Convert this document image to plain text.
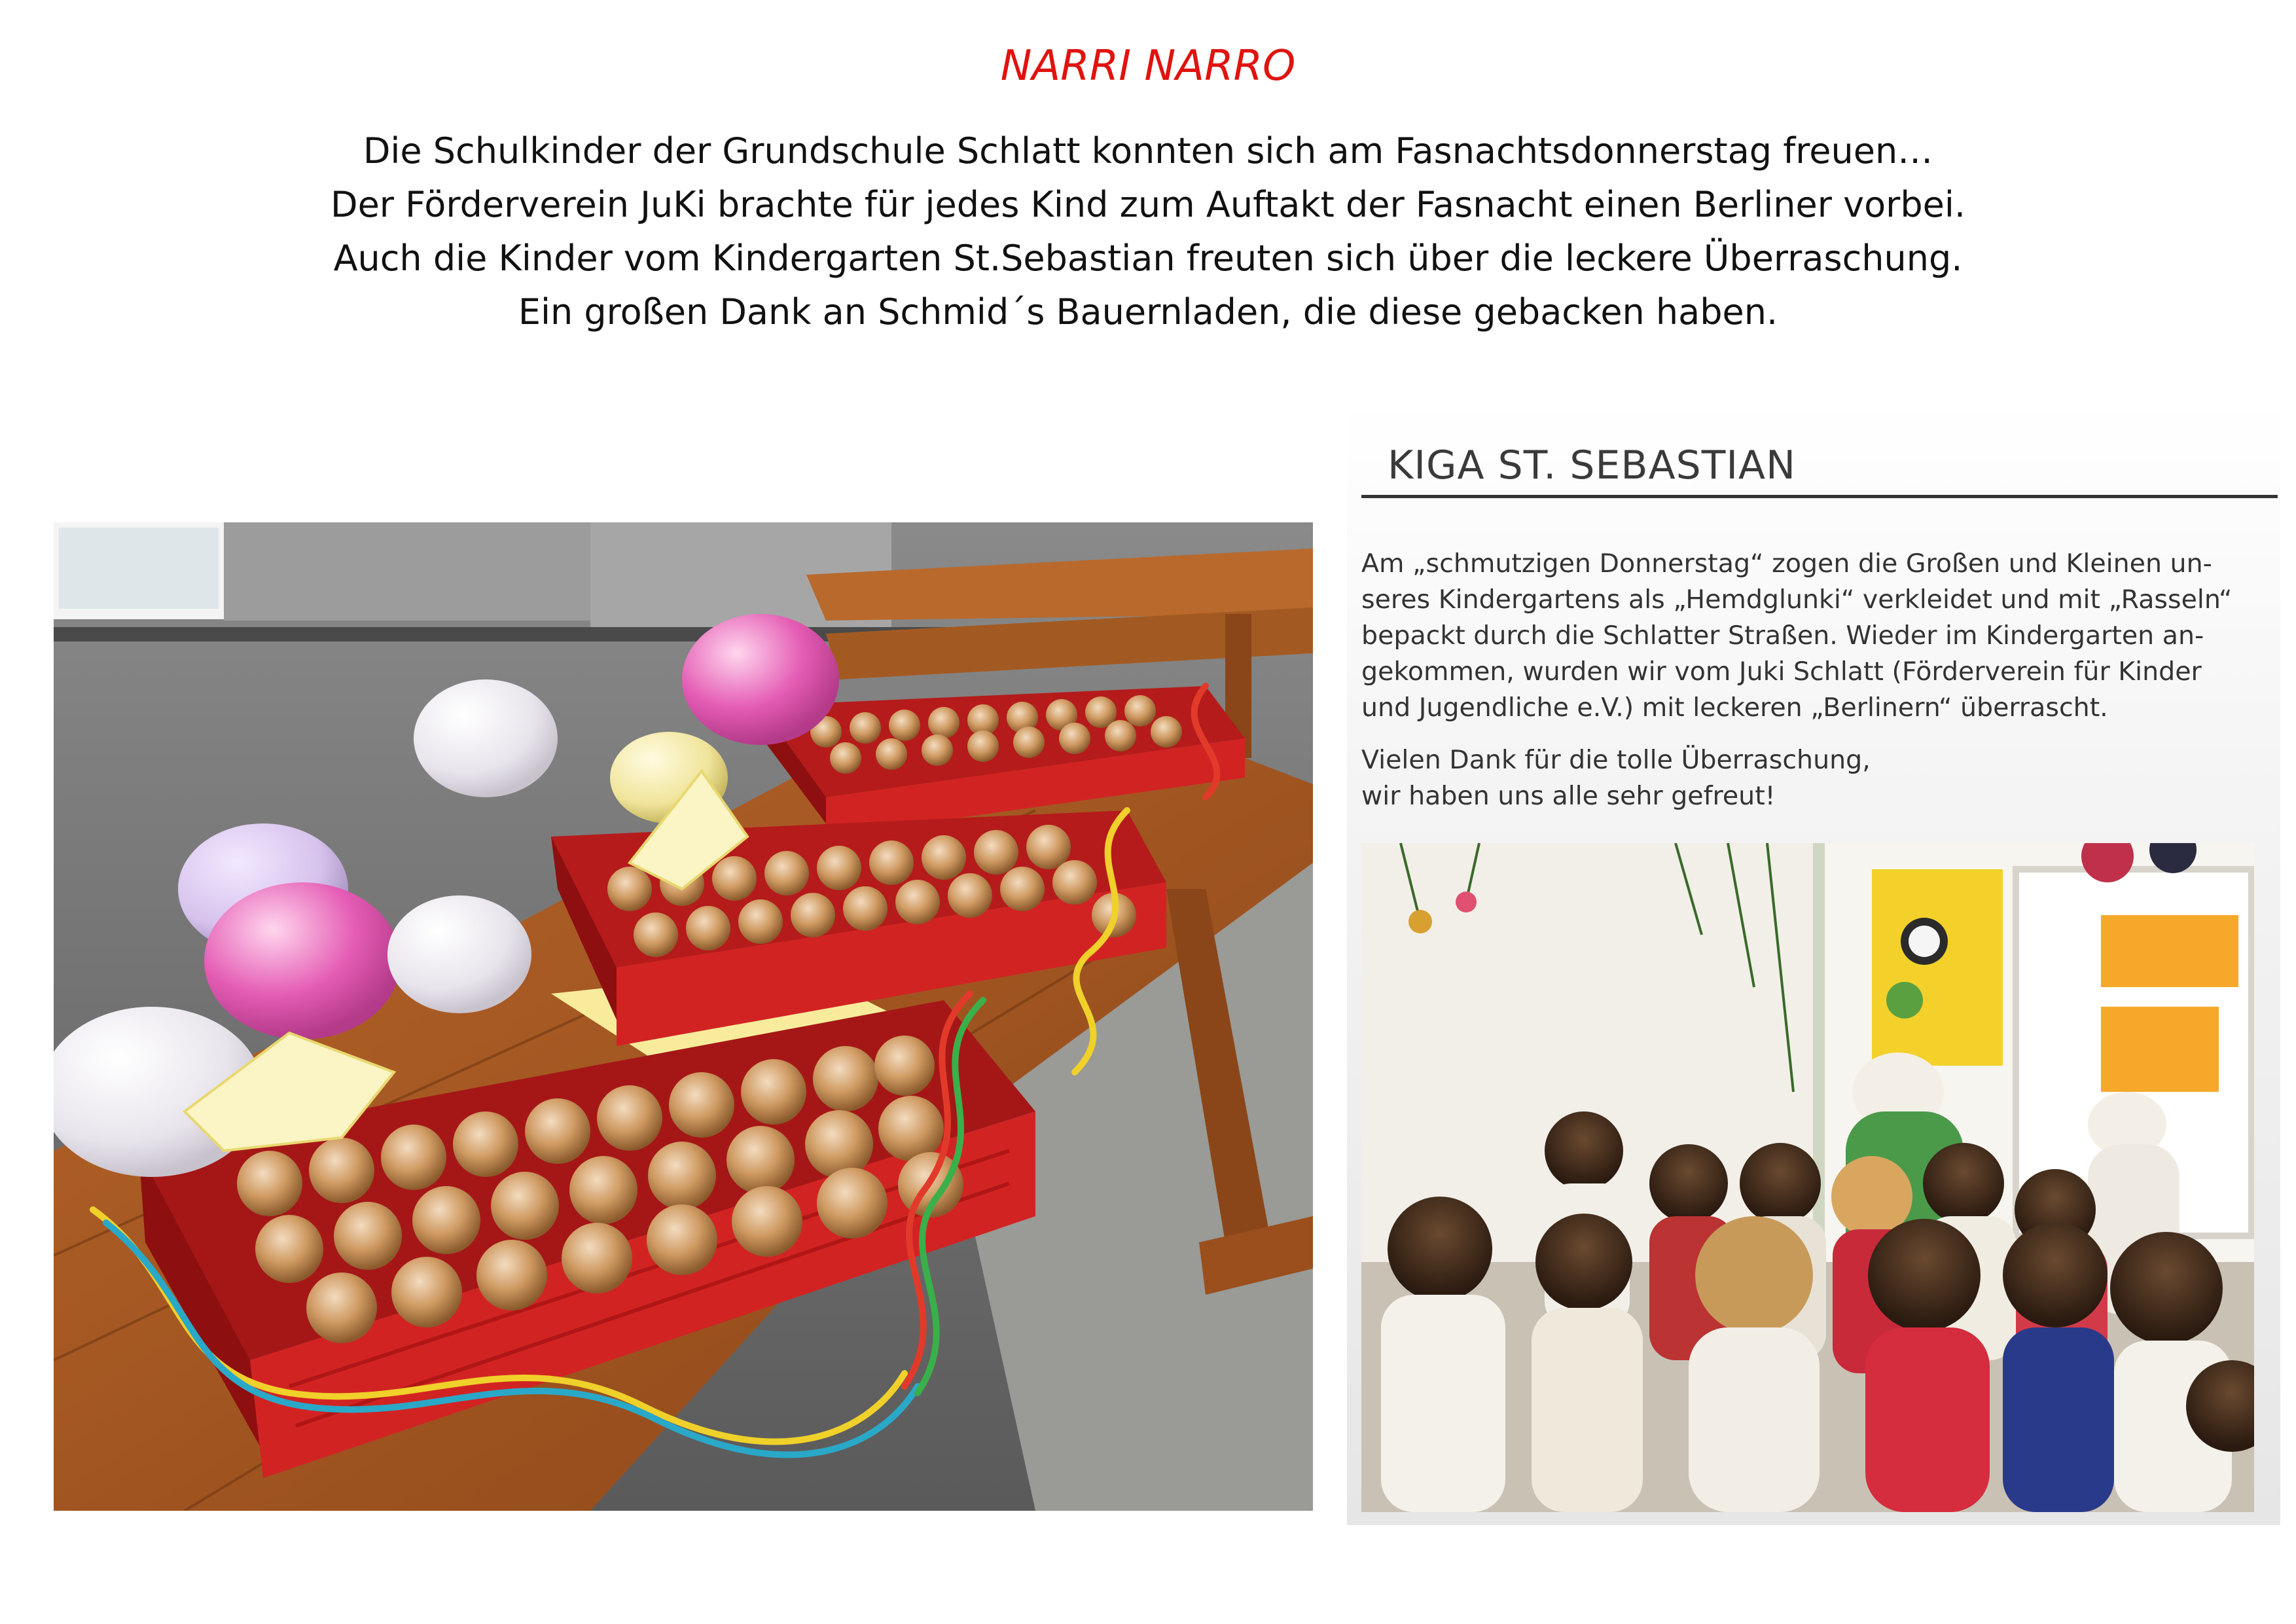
NARRI NARRO
Die Schulkinder der Grundschule Schlatt konnten sich am Fasnachtsdonnerstag freuen…
Der Förderverein JuKi brachte für jedes Kind zum Auftakt der Fasnacht einen Berliner vorbei.
Auch die Kinder vom Kindergarten St.Sebastian freuten sich über die leckere Überraschung.
Ein großen Dank an Schmid´s Bauernladen, die diese gebacken haben.
KIGA ST. SEBASTIAN
Am „schmutzigen Donnerstag“ zogen die Großen und Kleinen un-
seres Kindergartens als „Hemdglunki“ verkleidet und mit „Rasseln“
bepackt durch die Schlatter Straßen. Wieder im Kindergarten an-
gekommen, wurden wir vom Juki Schlatt (Förderverein für Kinder
und Jugendliche e.V.) mit leckeren „Berlinern“ überrascht.
Vielen Dank für die tolle Überraschung,
wir haben uns alle sehr gefreut!
